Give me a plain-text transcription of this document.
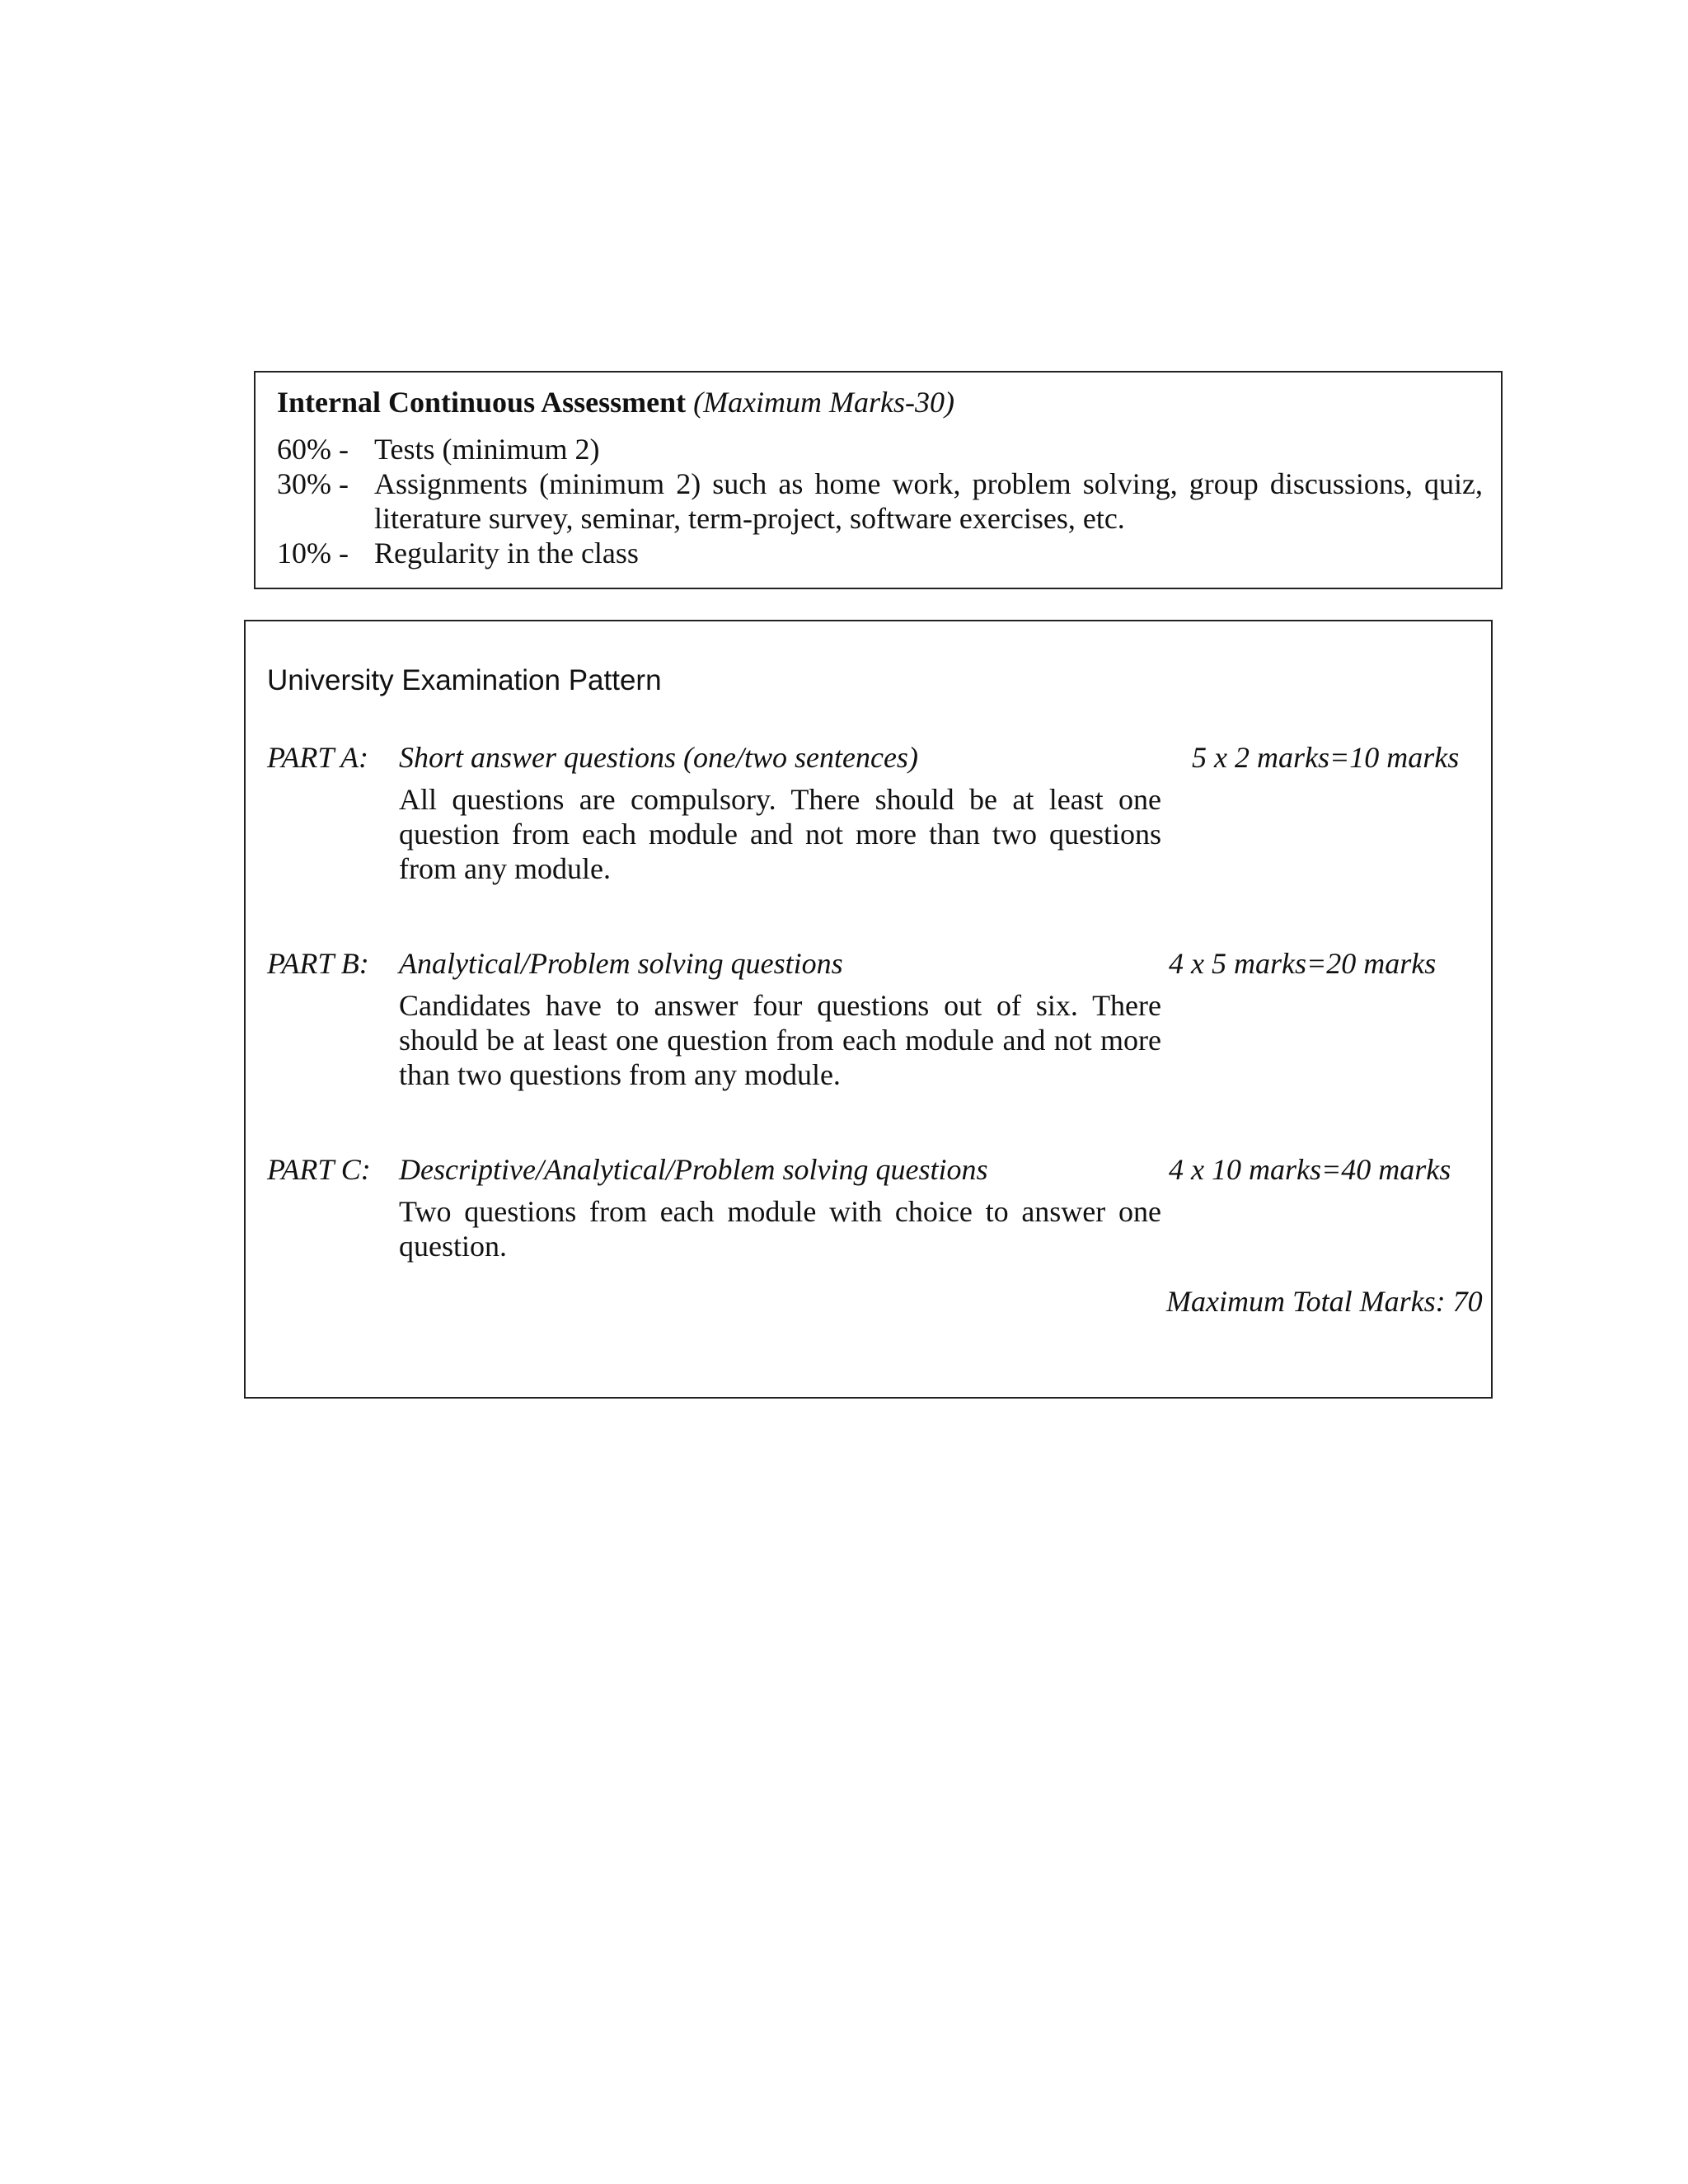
Internal Continuous Assessment (Maximum Marks-30)
60% - Tests (minimum 2)
30% - Assignments (minimum 2) such as home work, problem solving, group discussions, quiz, literature survey, seminar, term-project, software exercises, etc.
10% - Regularity in the class
University Examination Pattern
PART A: Short answer questions (one/two sentences)	5 x 2 marks=10 marks
All questions are compulsory. There should be at least one question from each module and not more than two questions from any module.
PART B: Analytical/Problem solving questions	4 x 5 marks=20 marks
Candidates have to answer four questions out of six. There should be at least one question from each module and not more than two questions from any module.
PART C: Descriptive/Analytical/Problem solving questions	4 x 10 marks=40 marks
Two questions from each module with choice to answer one question.
Maximum Total Marks: 70
